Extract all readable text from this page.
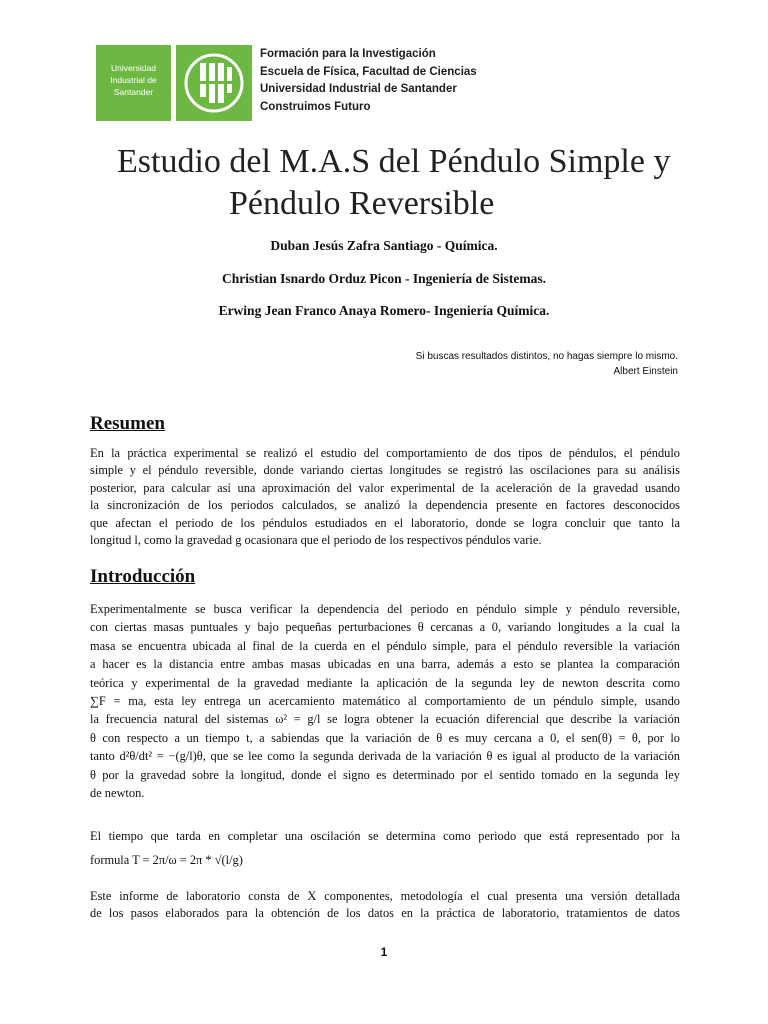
Universidad
Industrial de
Santander
Formación para la Investigación
Escuela de Física, Facultad de Ciencias
Universidad Industrial de Santander
Construimos Futuro
Estudio del M.A.S del Péndulo Simple y
Péndulo Reversible
Duban Jesús Zafra Santiago - Química.
Christian Isnardo Orduz Picon - Ingeniería de Sistemas.
Erwing Jean Franco Anaya Romero- Ingeniería Química.
Si buscas resultados distintos, no hagas siempre lo mismo.
Albert Einstein
Resumen
En la práctica experimental se realizó el estudio del comportamiento de dos tipos de péndulos, el péndulo
simple y el péndulo reversible, donde variando ciertas longitudes se registró las oscilaciones para su análisis
posterior, para calcular así una aproximación del valor experimental de la aceleración de la gravedad usando
la sincronización de los periodos calculados, se analizó la dependencia presente en factores desconocidos
que afectan el periodo de los péndulos estudiados en el laboratorio, donde se logra concluir que tanto la
longitud l, como la gravedad g ocasionara que el periodo de los respectivos péndulos varie.
Introducción
Experimentalmente se busca verificar la dependencia del periodo en péndulo simple y péndulo reversible,
con ciertas masas puntuales y bajo pequeñas perturbaciones θ cercanas a 0, variando longitudes a la cual la
masa se encuentra ubicada al final de la cuerda en el péndulo simple, para el péndulo reversible la variación
a hacer es la distancia entre ambas masas ubicadas en una barra, además a esto se plantea la comparación
teórica y experimental de la gravedad mediante la aplicación de la segunda ley de newton descrita como
∑F = ma, esta ley entrega un acercamiento matemático al comportamiento de un péndulo simple, usando
la frecuencia natural del sistemas ω² = g/l se logra obtener la ecuación diferencial que describe la variación
θ con respecto a un tiempo t, a sabiendas que la variación de θ es muy cercana a 0, el sen(θ) = θ, por lo
tanto d²θ/dt² = −(g/l)θ, que se lee como la segunda derivada de la variación θ es igual al producto de la variación
θ por la gravedad sobre la longitud, donde el signo es determinado por el sentido tomado en la segunda ley
de newton.
El tiempo que tarda en completar una oscilación se determina como periodo que está representado por la
formula T = 2π/ω = 2π * √(l/g)
Este informe de laboratorio consta de X componentes, metodología el cual presenta una versión detallada
de los pasos elaborados para la obtención de los datos en la práctica de laboratorio, tratamientos de datos
1
